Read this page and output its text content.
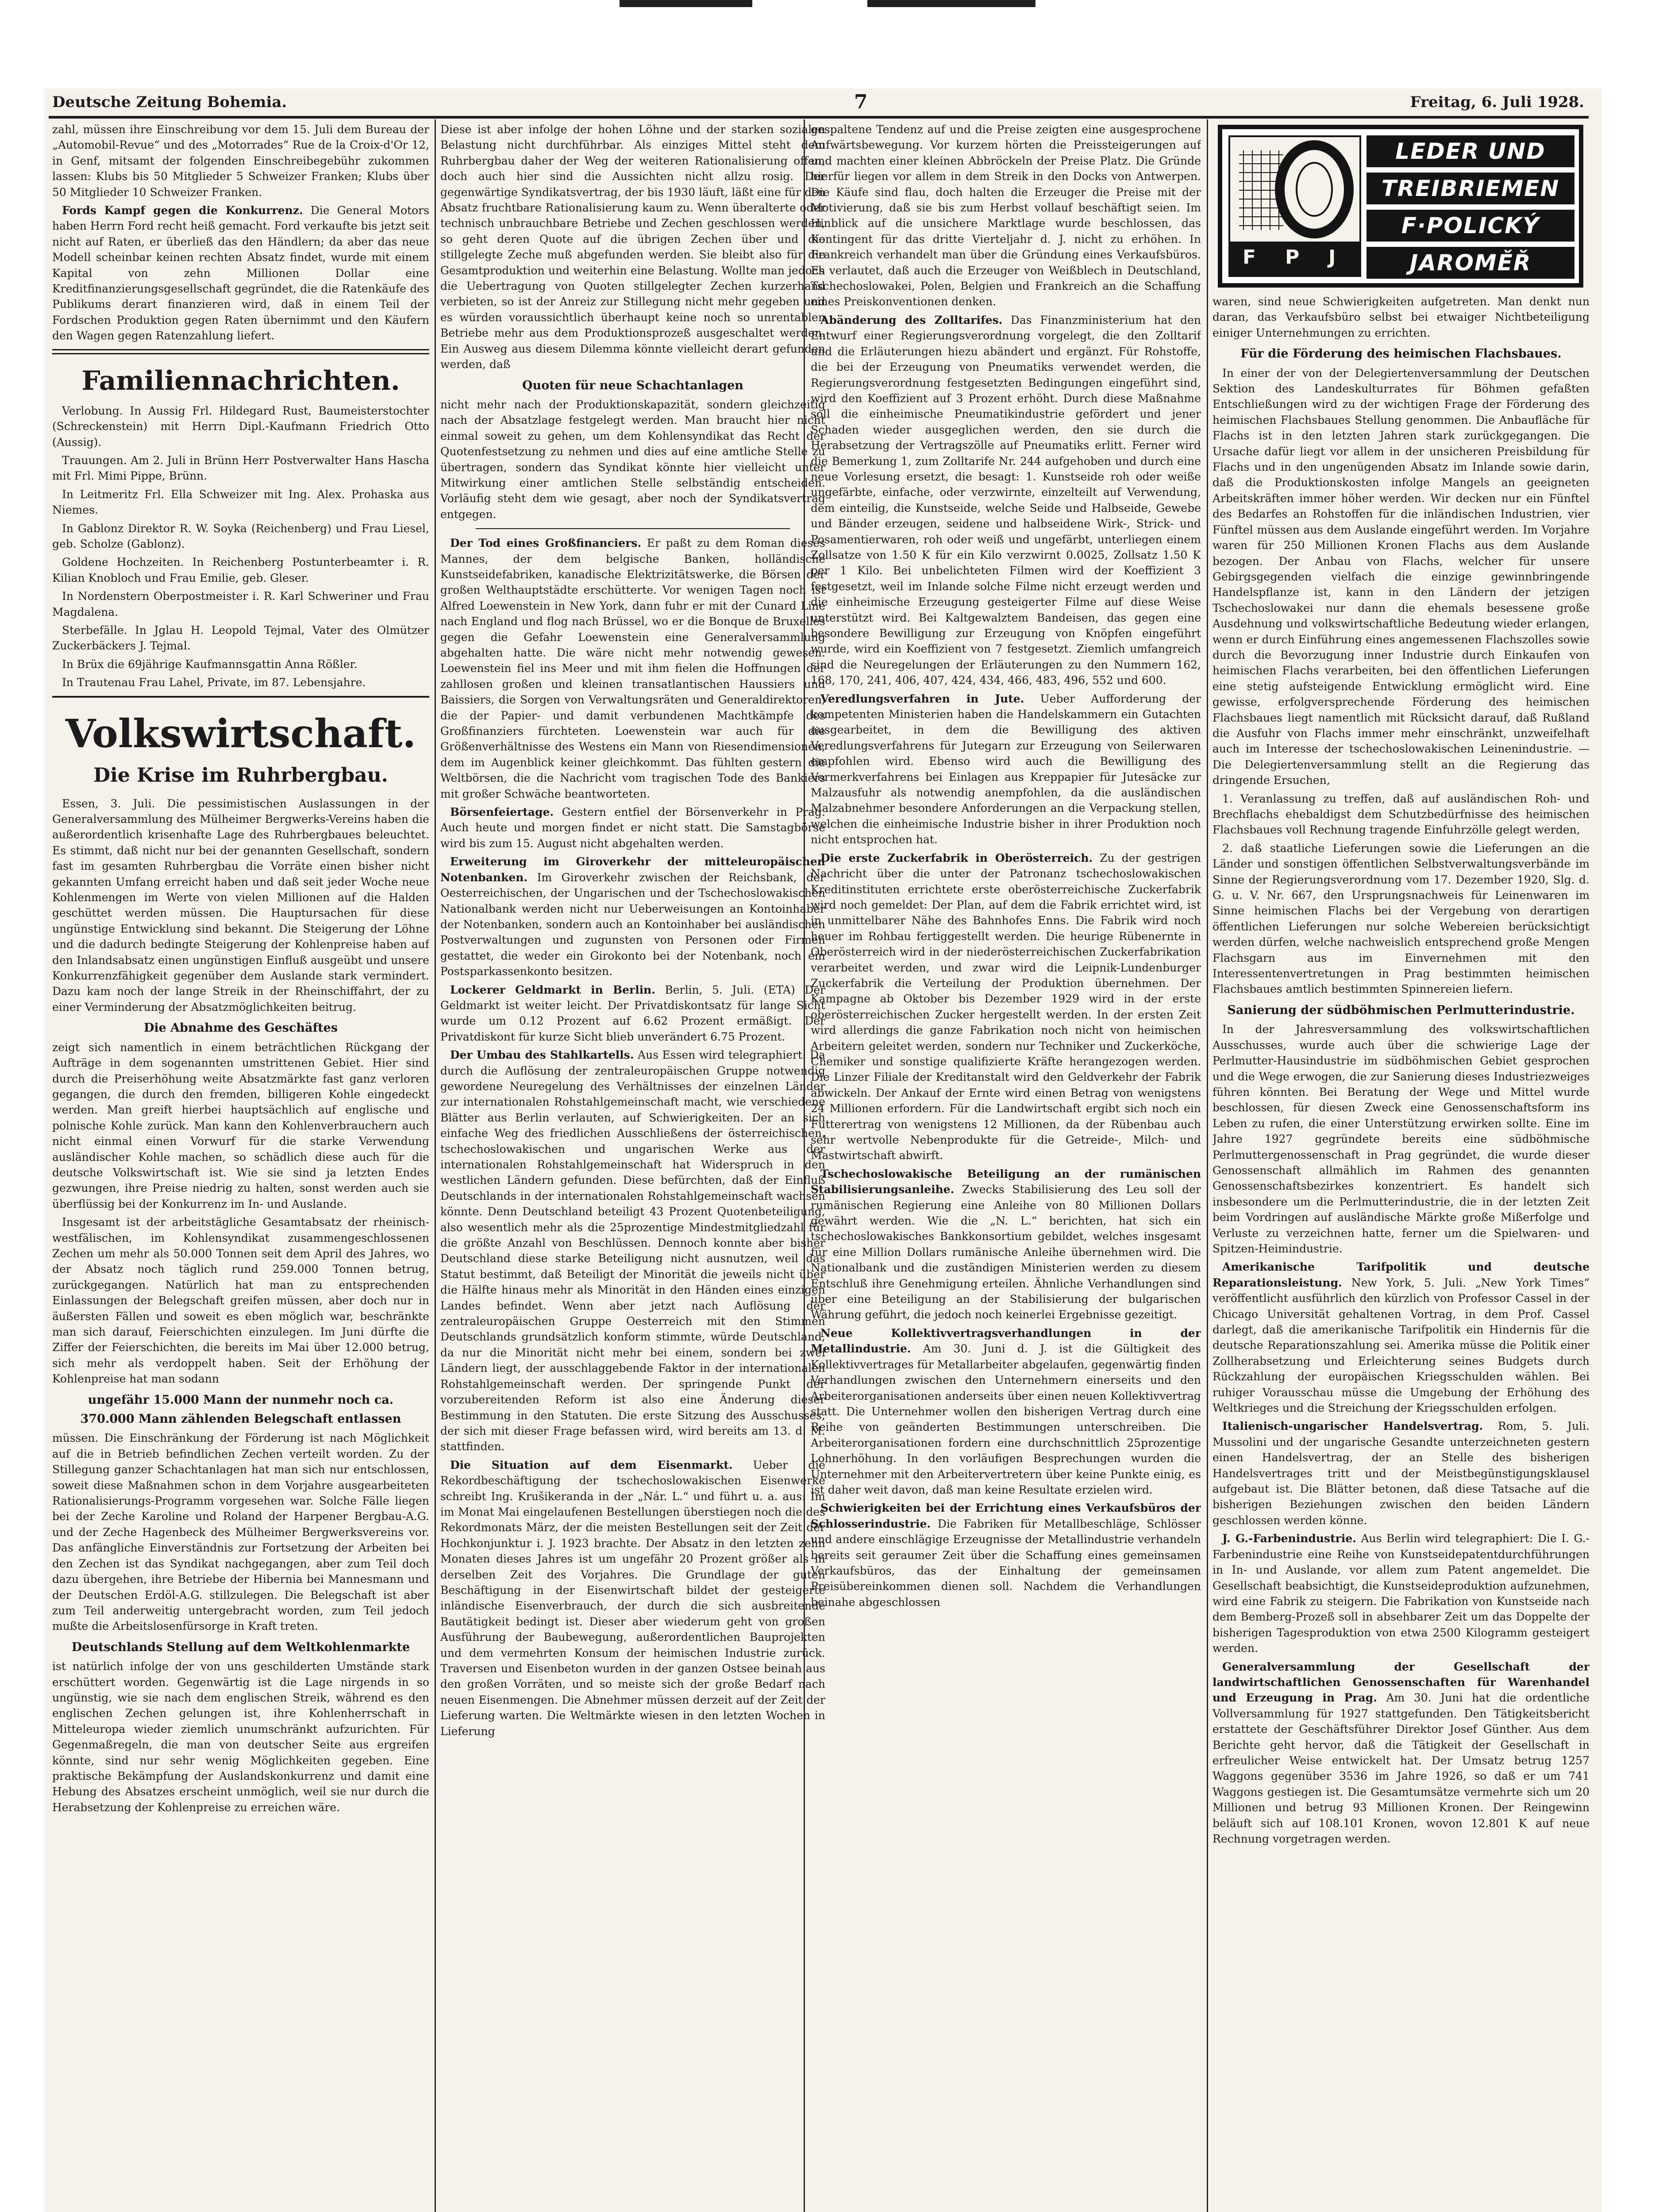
Deutsche Zeitung Bohemia.	7	Freitag, 6. Juli 1928.

zahl, müssen ihre Einschreibung vor dem 15. Juli dem Bureau der „Automobil-Revue“ und des „Motorrades“ Rue de la Croix-d'Or 12, in Genf, mitsamt der folgenden Einschreibegebühr zukommen lassen: Klubs bis 50 Mitglieder 5 Schweizer Franken; Klubs über 50 Mitglieder 10 Schweizer Franken.

Fords Kampf gegen die Konkurrenz. Die General Motors haben Herrn Ford recht heiß gemacht. Ford verkaufte bis jetzt seit nicht auf Raten, er überließ das den Händlern; da aber das neue Modell scheinbar keinen rechten Absatz findet, wurde mit einem Kapital von zehn Millionen Dollar eine Kreditfinanzierungsgesellschaft gegründet, die die Ratenkäufe des Publikums derart finanzieren wird, daß in einem Teil der Fordschen Produktion gegen Raten übernimmt und den Käufern den Wagen gegen Ratenzahlung liefert.

Familiennachrichten.

Verlobung. In Aussig Frl. Hildegard Rust, Baumeisterstochter (Schreckenstein) mit Herrn Dipl.-Kaufmann Friedrich Otto (Aussig).

Trauungen. Am 2. Juli in Brünn Herr Postverwalter Hans Hascha mit Frl. Mimi Pippe, Brünn.

In Leitmeritz Frl. Ella Schweizer mit Ing. Alex. Prohaska aus Niemes.

In Gablonz Direktor R. W. Soyka (Reichenberg) und Frau Liesel, geb. Scholze (Gablonz).

Goldene Hochzeiten. In Reichenberg Postunterbeamter i. R. Kilian Knobloch und Frau Emilie, geb. Gleser.

In Nordenstern Oberpostmeister i. R. Karl Schweriner und Frau Magdalena.

Sterbefälle. In Jglau H. Leopold Tejmal, Vater des Olmützer Zuckerbäckers J. Tejmal.

In Brüx die 69jährige Kaufmannsgattin Anna Rößler.

In Trautenau Frau Lahel, Private, im 87. Lebensjahre.

Volkswirtschaft.
Die Krise im Ruhrbergbau.

Essen, 3. Juli. Die pessimistischen Auslassungen in der Generalversammlung des Mülheimer Bergwerks-Vereins haben die außerordentlich krisenhafte Lage des Ruhrbergbaues beleuchtet. Es stimmt, daß nicht nur bei der genannten Gesellschaft, sondern fast im gesamten Ruhrbergbau die Vorräte einen bisher nicht gekannten Umfang erreicht haben und daß seit jeder Woche neue Kohlenmengen im Werte von vielen Millionen auf die Halden geschüttet werden müssen. Die Hauptursachen für diese ungünstige Entwicklung sind bekannt. Die Steigerung der Löhne und die dadurch bedingte Steigerung der Kohlenpreise haben auf den Inlandsabsatz einen ungünstigen Einfluß ausgeübt und unsere Konkurrenzfähigkeit gegenüber dem Auslande stark vermindert. Dazu kam noch der lange Streik in der Rheinschiffahrt, der zu einer Verminderung der Absatzmöglichkeiten beitrug.

Die Abnahme des Geschäftes

zeigt sich namentlich in einem beträchtlichen Rückgang der Aufträge in dem sogenannten umstrittenen Gebiet. Hier sind durch die Preiserhöhung weite Absatzmärkte fast ganz verloren gegangen, die durch den fremden, billigeren Kohle eingedeckt werden. Man greift hierbei hauptsächlich auf englische und polnische Kohle zurück. Man kann den Kohlenverbrauchern auch nicht einmal einen Vorwurf für die starke Verwendung ausländischer Kohle machen, so schädlich diese auch für die deutsche Volkswirtschaft ist. Wie sie sind ja letzten Endes gezwungen, ihre Preise niedrig zu halten, sonst werden auch sie überflüssig bei der Konkurrenz im In- und Auslande.

Insgesamt ist der arbeitstägliche Gesamtabsatz der rheinisch-westfälischen, im Kohlensyndikat zusammengeschlossenen Zechen um mehr als 50.000 Tonnen seit dem April des Jahres, wo der Absatz noch täglich rund 259.000 Tonnen betrug, zurückgegangen. Natürlich hat man zu entsprechenden Einlassungen der Belegschaft greifen müssen, aber doch nur in äußersten Fällen und soweit es eben möglich war, beschränkte man sich darauf, Feierschichten einzulegen. Im Juni dürfte die Ziffer der Feierschichten, die bereits im Mai über 12.000 betrug, sich mehr als verdoppelt haben. Seit der Erhöhung der Kohlenpreise hat man sodann

ungefähr 15.000 Mann der nunmehr noch ca.
370.000 Mann zählenden Belegschaft entlassen

müssen. Die Einschränkung der Förderung ist nach Möglichkeit auf die in Betrieb befindlichen Zechen verteilt worden. Zu der Stillegung ganzer Schachtanlagen hat man sich nur entschlossen, soweit diese Maßnahmen schon in dem Vorjahre ausgearbeiteten Rationalisierungs-Programm vorgesehen war. Solche Fälle liegen bei der Zeche Karoline und Roland der Harpener Bergbau-A.G. und der Zeche Hagenbeck des Mülheimer Bergwerksvereins vor. Das anfängliche Einverständnis zur Fortsetzung der Arbeiten bei den Zechen ist das Syndikat nachgegangen, aber zum Teil doch dazu übergehen, ihre Betriebe der Hibernia bei Mannesmann und der Deutschen Erdöl-A.G. stillzulegen. Die Belegschaft ist aber zum Teil anderweitig untergebracht worden, zum Teil jedoch mußte die Arbeitslosenfürsorge in Kraft treten.

Deutschlands Stellung auf dem Weltkohlenmarkte

ist natürlich infolge der von uns geschilderten Umstände stark erschüttert worden. Gegenwärtig ist die Lage nirgends in so ungünstig, wie sie nach dem englischen Streik, während es den englischen Zechen gelungen ist, ihre Kohlenherrschaft in Mitteleuropa wieder ziemlich unumschränkt aufzurichten. Für Gegenmaßregeln, die man von deutscher Seite aus ergreifen könnte, sind nur sehr wenig Möglichkeiten gegeben. Eine praktische Bekämpfung der Auslandskonkurrenz und damit eine Hebung des Absatzes erscheint unmöglich, weil sie nur durch die Herabsetzung der Kohlenpreise zu erreichen wäre.

Diese ist aber infolge der hohen Löhne und der starken sozialen Belastung nicht durchführbar. Als einziges Mittel steht dem Ruhrbergbau daher der Weg der weiteren Rationalisierung offen, doch auch hier sind die Aussichten nicht allzu rosig. Der gegenwärtige Syndikatsvertrag, der bis 1930 läuft, läßt eine für den Absatz fruchtbare Rationalisierung kaum zu. Wenn überalterte oder technisch unbrauchbare Betriebe und Zechen geschlossen werden, so geht deren Quote auf die übrigen Zechen über und die stillgelegte Zeche muß abgefunden werden. Sie bleibt also für die Gesamtproduktion und weiterhin eine Belastung. Wollte man jedoch die Uebertragung von Quoten stillgelegter Zechen kurzerhand verbieten, so ist der Anreiz zur Stillegung nicht mehr gegeben und es würden voraussichtlich überhaupt keine noch so unrentablen Betriebe mehr aus dem Produktionsprozeß ausgeschaltet werden. Ein Ausweg aus diesem Dilemma könnte vielleicht derart gefunden werden, daß

Quoten für neue Schachtanlagen

nicht mehr nach der Produktionskapazität, sondern gleichzeitig nach der Absatzlage festgelegt werden. Man braucht hier nicht einmal soweit zu gehen, um dem Kohlensyndikat das Recht der Quotenfestsetzung zu nehmen und dies auf eine amtliche Stelle zu übertragen, sondern das Syndikat könnte hier vielleicht unter Mitwirkung einer amtlichen Stelle selbständig entscheiden. Vorläufig steht dem wie gesagt, aber noch der Syndikatsvertrag entgegen.

Der Tod eines Großfinanciers. Er paßt zu dem Roman dieses Mannes, der dem belgische Banken, holländische Kunstseidefabriken, kanadische Elektrizitätswerke, die Börsen der großen Welthauptstädte erschütterte. Vor wenigen Tagen noch ist Alfred Loewenstein in New York, dann fuhr er mit der Cunard Line nach England und flog nach Brüssel, wo er die Bonque de Bruxelles gegen die Gefahr Loewenstein eine Generalversammlung abgehalten hatte. Die wäre nicht mehr notwendig gewesen. Loewenstein fiel ins Meer und mit ihm fielen die Hoffnungen der zahllosen großen und kleinen transatlantischen Haussiers und Baissiers, die Sorgen von Verwaltungsräten und Generaldirektoren, die der Papier- und damit verbundenen Machtkämpfe des Großfinanziers fürchteten. Loewenstein war auch für die Größenverhältnisse des Westens ein Mann von Riesendimensionen, dem im Augenblick keiner gleichkommt. Das fühlten gestern die Weltbörsen, die die Nachricht vom tragischen Tode des Bankiers mit großer Schwäche beantworteten.

Börsenfeiertage. Gestern entfiel der Börsenverkehr in Prag. Auch heute und morgen findet er nicht statt. Die Samstagbörse wird bis zum 15. August nicht abgehalten werden.

Erweiterung im Giroverkehr der mitteleuropäischen Notenbanken. Im Giroverkehr zwischen der Reichsbank, der Oesterreichischen, der Ungarischen und der Tschechoslowakischen Nationalbank werden nicht nur Ueberweisungen an Kontoinhaber der Notenbanken, sondern auch an Kontoinhaber bei ausländischen Postverwaltungen und zugunsten von Personen oder Firmen gestattet, die weder ein Girokonto bei der Notenbank, noch ein Postsparkassenkonto besitzen.

Lockerer Geldmarkt in Berlin. Berlin, 5. Juli. (ETA) Der Geldmarkt ist weiter leicht. Der Privatdiskontsatz für lange Sicht wurde um 0.12 Prozent auf 6.62 Prozent ermäßigt. Der Privatdiskont für kurze Sicht blieb unverändert 6.75 Prozent.

Der Umbau des Stahlkartells. Aus Essen wird telegraphiert: Da durch die Auflösung der zentraleuropäischen Gruppe notwendig gewordene Neuregelung des Verhältnisses der einzelnen Länder zur internationalen Rohstahlgemeinschaft macht, wie verschiedene Blätter aus Berlin verlauten, auf Schwierigkeiten. Der an sich einfache Weg des friedlichen Ausschließens der österreichischen, tschechoslowakischen und ungarischen Werke aus der internationalen Rohstahlgemeinschaft hat Widerspruch in den westlichen Ländern gefunden. Diese befürchten, daß der Einfluß Deutschlands in der internationalen Rohstahlgemeinschaft wachsen könnte. Denn Deutschland beteiligt 43 Prozent Quotenbeteiligung, also wesentlich mehr als die 25prozentige Mindestmitgliedzahl für die größte Anzahl von Beschlüssen. Dennoch konnte aber bisher Deutschland diese starke Beteiligung nicht ausnutzen, weil das Statut bestimmt, daß Beteiligt der Minorität die jeweils nicht über die Hälfte hinaus mehr als Minorität in den Händen eines einzigen Landes befindet. Wenn aber jetzt nach Auflösung der zentraleuropäischen Gruppe Oesterreich mit den Stimmen Deutschlands grundsätzlich konform stimmte, würde Deutschland, da nur die Minorität nicht mehr bei einem, sondern bei zwei Ländern liegt, der ausschlaggebende Faktor in der internationalen Rohstahlgemeinschaft werden. Der springende Punkt der vorzubereitenden Reform ist also eine Änderung dieser Bestimmung in den Statuten. Die erste Sitzung des Ausschusses, der sich mit dieser Frage befassen wird, wird bereits am 13. d. M. stattfinden.

Die Situation auf dem Eisenmarkt. Ueber die Rekordbeschäftigung der tschechoslowakischen Eisenwerke schreibt Ing. Krušikeranda in der „Nár. L.“ und führt u. a. aus: Im im Monat Mai eingelaufenen Bestellungen überstiegen noch die des Rekordmonats März, der die meisten Bestellungen seit der Zeit der Hochkonjunktur i. J. 1923 brachte. Der Absatz in den letzten zehn Monaten dieses Jahres ist um ungefähr 20 Prozent größer als in derselben Zeit des Vorjahres. Die Grundlage der guten Beschäftigung in der Eisenwirtschaft bildet der gesteigerte inländische Eisenverbrauch, der durch die sich ausbreitende Bautätigkeit bedingt ist. Dieser aber wiederum geht von großen Ausführung der Baubewegung, außerordentlichen Bauprojekten und dem vermehrten Konsum der heimischen Industrie zurück. Traversen und Eisenbeton wurden in der ganzen Ostsee beinah aus den großen Vorräten, und so meiste sich der große Bedarf nach neuen Eisenmengen. Die Abnehmer müssen derzeit auf der Zeit der Lieferung warten. Die Weltmärkte wiesen in den letzten Wochen in Lieferung

gespaltene Tendenz auf und die Preise zeigten eine ausgesprochene Aufwärtsbewegung. Vor kurzem hörten die Preissteigerungen auf und machten einer kleinen Abbröckeln der Preise Platz. Die Gründe hierfür liegen vor allem in dem Streik in den Docks von Antwerpen. Die Käufe sind flau, doch halten die Erzeuger die Preise mit der Motivierung, daß sie bis zum Herbst vollauf beschäftigt seien. Im Hinblick auf die unsichere Marktlage wurde beschlossen, das Kontingent für das dritte Vierteljahr d. J. nicht zu erhöhen. In Frankreich verhandelt man über die Gründung eines Verkaufsbüros. Es verlautet, daß auch die Erzeuger von Weißblech in Deutschland, Tschechoslowakei, Polen, Belgien und Frankreich an die Schaffung eines Preiskonventionen denken.

Abänderung des Zolltarifes. Das Finanzministerium hat den Entwurf einer Regierungsverordnung vorgelegt, die den Zolltarif und die Erläuterungen hiezu abändert und ergänzt. Für Rohstoffe, die bei der Erzeugung von Pneumatiks verwendet werden, die Regierungsverordnung festgesetzten Bedingungen eingeführt sind, wird den Koeffizient auf 3 Prozent erhöht. Durch diese Maßnahme soll die einheimische Pneumatikindustrie gefördert und jener Schaden wieder ausgeglichen werden, den sie durch die Herabsetzung der Vertragszölle auf Pneumatiks erlitt. Ferner wird die Bemerkung 1, zum Zolltarife Nr. 244 aufgehoben und durch eine neue Vorlesung ersetzt, die besagt: 1. Kunstseide roh oder weiße ungefärbte, einfache, oder verzwirnte, einzelteilt auf Verwendung, dem einteilig, die Kunstseide, welche Seide und Halbseide, Gewebe und Bänder erzeugen, seidene und halbseidene Wirk-, Strick- und Posamentierwaren, roh oder weiß und ungefärbt, unterliegen einem Zollsatze von 1.50 K für ein Kilo verzwirnt 0.0025, Zollsatz 1.50 K per 1 Kilo. Bei unbelichteten Filmen wird der Koeffizient 3 festgesetzt, weil im Inlande solche Filme nicht erzeugt werden und die einheimische Erzeugung gesteigerter Filme auf diese Weise unterstützt wird. Bei Kaltgewalztem Bandeisen, das gegen eine besondere Bewilligung zur Erzeugung von Knöpfen eingeführt wurde, wird ein Koeffizient von 7 festgesetzt. Ziemlich umfangreich sind die Neuregelungen der Erläuterungen zu den Nummern 162, 168, 170, 241, 406, 407, 424, 434, 466, 483, 496, 552 und 600.

Veredlungsverfahren in Jute. Ueber Aufforderung der kompetenten Ministerien haben die Handelskammern ein Gutachten ausgearbeitet, in dem die Bewilligung des aktiven Veredlungsverfahrens für Jutegarn zur Erzeugung von Seilerwaren empfohlen wird. Ebenso wird auch die Bewilligung des Vormerkverfahrens bei Einlagen aus Kreppapier für Jutesäcke zur Malzausfuhr als notwendig anempfohlen, da die ausländischen Malzabnehmer besondere Anforderungen an die Verpackung stellen, welchen die einheimische Industrie bisher in ihrer Produktion noch nicht entsprochen hat.

Die erste Zuckerfabrik in Oberösterreich. Zu der gestrigen Nachricht über die unter der Patronanz tschechoslowakischen Kreditinstituten errichtete erste oberösterreichische Zuckerfabrik wird noch gemeldet: Der Plan, auf dem die Fabrik errichtet wird, ist in unmittelbarer Nähe des Bahnhofes Enns. Die Fabrik wird noch heuer im Rohbau fertiggestellt werden. Die heurige Rübenernte in Oberösterreich wird in der niederösterreichischen Zuckerfabrikation verarbeitet werden, und zwar wird die Leipnik-Lundenburger Zuckerfabrik die Verteilung der Produktion übernehmen. Der Kampagne ab Oktober bis Dezember 1929 wird in der erste oberösterreichischen Zucker hergestellt werden. In der ersten Zeit wird allerdings die ganze Fabrikation noch nicht von heimischen Arbeitern geleitet werden, sondern nur Techniker und Zuckerköche, Chemiker und sonstige qualifizierte Kräfte herangezogen werden. Die Linzer Filiale der Kreditanstalt wird den Geldverkehr der Fabrik abwickeln. Der Ankauf der Ernte wird einen Betrag von wenigstens 24 Millionen erfordern. Für die Landwirtschaft ergibt sich noch ein Futterertrag von wenigstens 12 Millionen, da der Rübenbau auch sehr wertvolle Nebenprodukte für die Getreide-, Milch- und Mastwirtschaft abwirft.

Tschechoslowakische Beteiligung an der rumänischen Stabilisierungsanleihe. Zwecks Stabilisierung des Leu soll der rumänischen Regierung eine Anleihe von 80 Millionen Dollars gewährt werden. Wie die „N. L.“ berichten, hat sich ein tschechoslowakisches Bankkonsortium gebildet, welches insgesamt für eine Million Dollars rumänische Anleihe übernehmen wird. Die Nationalbank und die zuständigen Ministerien werden zu diesem Entschluß ihre Genehmigung erteilen. Ähnliche Verhandlungen sind über eine Beteiligung an der Stabilisierung der bulgarischen Währung geführt, die jedoch noch keinerlei Ergebnisse gezeitigt.

Neue Kollektivvertragsverhandlungen in der Metallindustrie. Am 30. Juni d. J. ist die Gültigkeit des Kollektivvertrages für Metallarbeiter abgelaufen, gegenwärtig finden Verhandlungen zwischen den Unternehmern einerseits und den Arbeiterorganisationen anderseits über einen neuen Kollektivvertrag statt. Die Unternehmer wollen den bisherigen Vertrag durch eine Reihe von geänderten Bestimmungen unterschreiben. Die Arbeiterorganisationen fordern eine durchschnittlich 25prozentige Lohnerhöhung. In den vorläufigen Besprechungen wurden die Unternehmer mit den Arbeitervertretern über keine Punkte einig, es ist daher weit davon, daß man keine Resultate erzielen wird.

Schwierigkeiten bei der Errichtung eines Verkaufsbüros der Schlosserindustrie. Die Fabriken für Metallbeschläge, Schlösser und andere einschlägige Erzeugnisse der Metallindustrie verhandeln bereits seit geraumer Zeit über die Schaffung eines gemeinsamen Verkaufsbüros, das der Einhaltung der gemeinsamen Preisübereinkommen dienen soll. Nachdem die Verhandlungen beinahe abgeschlossen

F P J
LEDER UND
TREIBRIEMEN
F·POLICKÝ
JAROMĚŘ

waren, sind neue Schwierigkeiten aufgetreten. Man denkt nun daran, das Verkaufsbüro selbst bei etwaiger Nichtbeteiligung einiger Unternehmungen zu errichten.

Für die Förderung des heimischen Flachsbaues.

In einer der von der Delegiertenversammlung der Deutschen Sektion des Landeskulturrates für Böhmen gefaßten Entschließungen wird zu der wichtigen Frage der Förderung des heimischen Flachsbaues Stellung genommen. Die Anbaufläche für Flachs ist in den letzten Jahren stark zurückgegangen. Die Ursache dafür liegt vor allem in der unsicheren Preisbildung für Flachs und in den ungenügenden Absatz im Inlande sowie darin, daß die Produktionskosten infolge Mangels an geeigneten Arbeitskräften immer höher werden. Wir decken nur ein Fünftel des Bedarfes an Rohstoffen für die inländischen Industrien, vier Fünftel müssen aus dem Auslande eingeführt werden. Im Vorjahre waren für 250 Millionen Kronen Flachs aus dem Auslande bezogen. Der Anbau von Flachs, welcher für unsere Gebirgsgegenden vielfach die einzige gewinnbringende Handelspflanze ist, kann in den Ländern der jetzigen Tschechoslowakei nur dann die ehemals besessene große Ausdehnung und volkswirtschaftliche Bedeutung wieder erlangen, wenn er durch Einführung eines angemessenen Flachszolles sowie durch die Bevorzugung inner Industrie durch Einkaufen von heimischen Flachs verarbeiten, bei den öffentlichen Lieferungen eine stetig aufsteigende Entwicklung ermöglicht wird. Eine gewisse, erfolgversprechende Förderung des heimischen Flachsbaues liegt namentlich mit Rücksicht darauf, daß Rußland die Ausfuhr von Flachs immer mehr einschränkt, unzweifelhaft auch im Interesse der tschechoslowakischen Leinenindustrie. — Die Delegiertenversammlung stellt an die Regierung das dringende Ersuchen,

1. Veranlassung zu treffen, daß auf ausländischen Roh- und Brechflachs ehebaldigst dem Schutzbedürfnisse des heimischen Flachsbaues voll Rechnung tragende Einfuhrzölle gelegt werden,

2. daß staatliche Lieferungen sowie die Lieferungen an die Länder und sonstigen öffentlichen Selbstverwaltungsverbände im Sinne der Regierungsverordnung vom 17. Dezember 1920, Slg. d. G. u. V. Nr. 667, den Ursprungsnachweis für Leinenwaren im Sinne heimischen Flachs bei der Vergebung von derartigen öffentlichen Lieferungen nur solche Webereien berücksichtigt werden dürfen, welche nachweislich entsprechend große Mengen Flachsgarn aus im Einvernehmen mit den Interessentenvertretungen in Prag bestimmten heimischen Flachsbaues amtlich bestimmten Spinnereien liefern.

Sanierung der südböhmischen Perlmutterindustrie.

In der Jahresversammlung des volkswirtschaftlichen Ausschusses, wurde auch über die schwierige Lage der Perlmutter-Hausindustrie im südböhmischen Gebiet gesprochen und die Wege erwogen, die zur Sanierung dieses Industriezweiges führen könnten. Bei Beratung der Wege und Mittel wurde beschlossen, für diesen Zweck eine Genossenschaftsform ins Leben zu rufen, die einer Unterstützung erwirken sollte. Eine im Jahre 1927 gegründete bereits eine südböhmische Perlmuttergenossenschaft in Prag gegründet, die wurde dieser Genossenschaft allmählich im Rahmen des genannten Genossenschaftsbezirkes konzentriert. Es handelt sich insbesondere um die Perlmutterindustrie, die in der letzten Zeit beim Vordringen auf ausländische Märkte große Mißerfolge und Verluste zu verzeichnen hatte, ferner um die Spielwaren- und Spitzen-Heimindustrie.

Amerikanische Tarifpolitik und deutsche Reparationsleistung. New York, 5. Juli. „New York Times“ veröffentlicht ausführlich den kürzlich von Professor Cassel in der Chicago Universität gehaltenen Vortrag, in dem Prof. Cassel darlegt, daß die amerikanische Tarifpolitik ein Hindernis für die deutsche Reparationszahlung sei. Amerika müsse die Politik einer Zollherabsetzung und Erleichterung seines Budgets durch Rückzahlung der europäischen Kriegsschulden wählen. Bei ruhiger Vorausschau müsse die Umgebung der Erhöhung des Weltkrieges und die Streichung der Kriegsschulden erfolgen.

Italienisch-ungarischer Handelsvertrag. Rom, 5. Juli. Mussolini und der ungarische Gesandte unterzeichneten gestern einen Handelsvertrag, der an Stelle des bisherigen Handelsvertrages tritt und der Meistbegünstigungsklausel aufgebaut ist. Die Blätter betonen, daß diese Tatsache auf die bisherigen Beziehungen zwischen den beiden Ländern geschlossen werden könne.

J. G.-Farbenindustrie. Aus Berlin wird telegraphiert: Die I. G.-Farbenindustrie eine Reihe von Kunstseidepatentdurchführungen in In- und Auslande, vor allem zum Patent angemeldet. Die Gesellschaft beabsichtigt, die Kunstseideproduktion aufzunehmen, wird eine Fabrik zu steigern. Die Fabrikation von Kunstseide nach dem Bemberg-Prozeß soll in absehbarer Zeit um das Doppelte der bisherigen Tagesproduktion von etwa 2500 Kilogramm gesteigert werden.

Generalversammlung der Gesellschaft der landwirtschaftlichen Genossenschaften für Warenhandel und Erzeugung in Prag. Am 30. Juni hat die ordentliche Vollversammlung für 1927 stattgefunden. Den Tätigkeitsbericht erstattete der Geschäftsführer Direktor Josef Günther. Aus dem Berichte geht hervor, daß die Tätigkeit der Gesellschaft in erfreulicher Weise entwickelt hat. Der Umsatz betrug 1257 Waggons gegenüber 3536 im Jahre 1926, so daß er um 741 Waggons gestiegen ist. Die Gesamtumsätze vermehrte sich um 20 Millionen und betrug 93 Millionen Kronen. Der Reingewinn beläuft sich auf 108.101 Kronen, wovon 12.801 K auf neue Rechnung vorgetragen werden.
